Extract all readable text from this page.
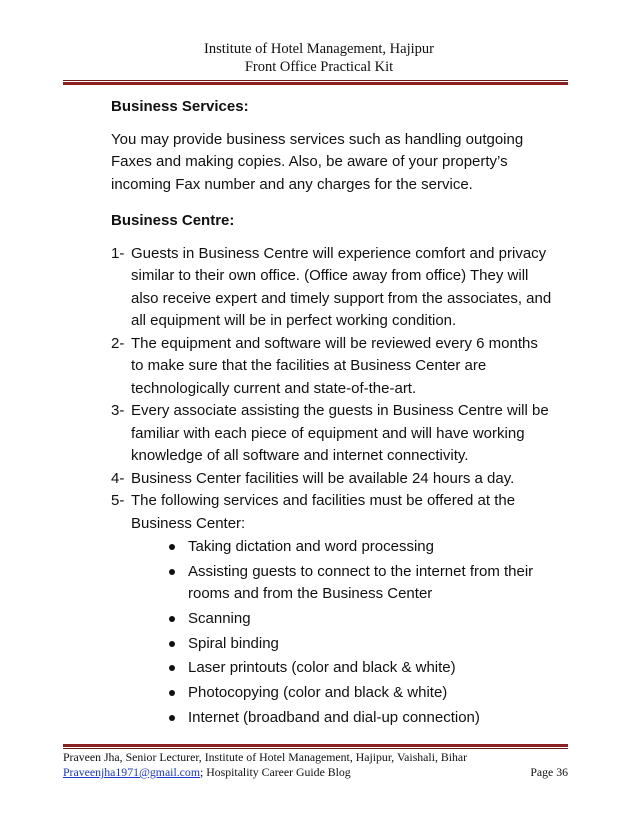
Institute of Hotel Management, Hajipur
Front Office Practical Kit

Business Services:

You may provide business services such as handling outgoing
Faxes and making copies. Also, be aware of your property’s
incoming Fax number and any charges for the service.

Business Centre:

1- Guests in Business Centre will experience comfort and privacy
similar to their own office. (Office away from office) They will
also receive expert and timely support from the associates, and
all equipment will be in perfect working condition.
2- The equipment and software will be reviewed every 6 months
to make sure that the facilities at Business Center are
technologically current and state-of-the-art.
3- Every associate assisting the guests in Business Centre will be
familiar with each piece of equipment and will have working
knowledge of all software and internet connectivity.
4- Business Center facilities will be available 24 hours a day.
5- The following services and facilities must be offered at the
Business Center:
Taking dictation and word processing
Assisting guests to connect to the internet from their
rooms and from the Business Center
Scanning
Spiral binding
Laser printouts (color and black & white)
Photocopying (color and black & white)
Internet (broadband and dial-up connection)
Praveen Jha, Senior Lecturer, Institute of Hotel Management, Hajipur, Vaishali, Bihar
Praveenjha1971@gmail.com; Hospitality Career Guide Blog	Page 36
